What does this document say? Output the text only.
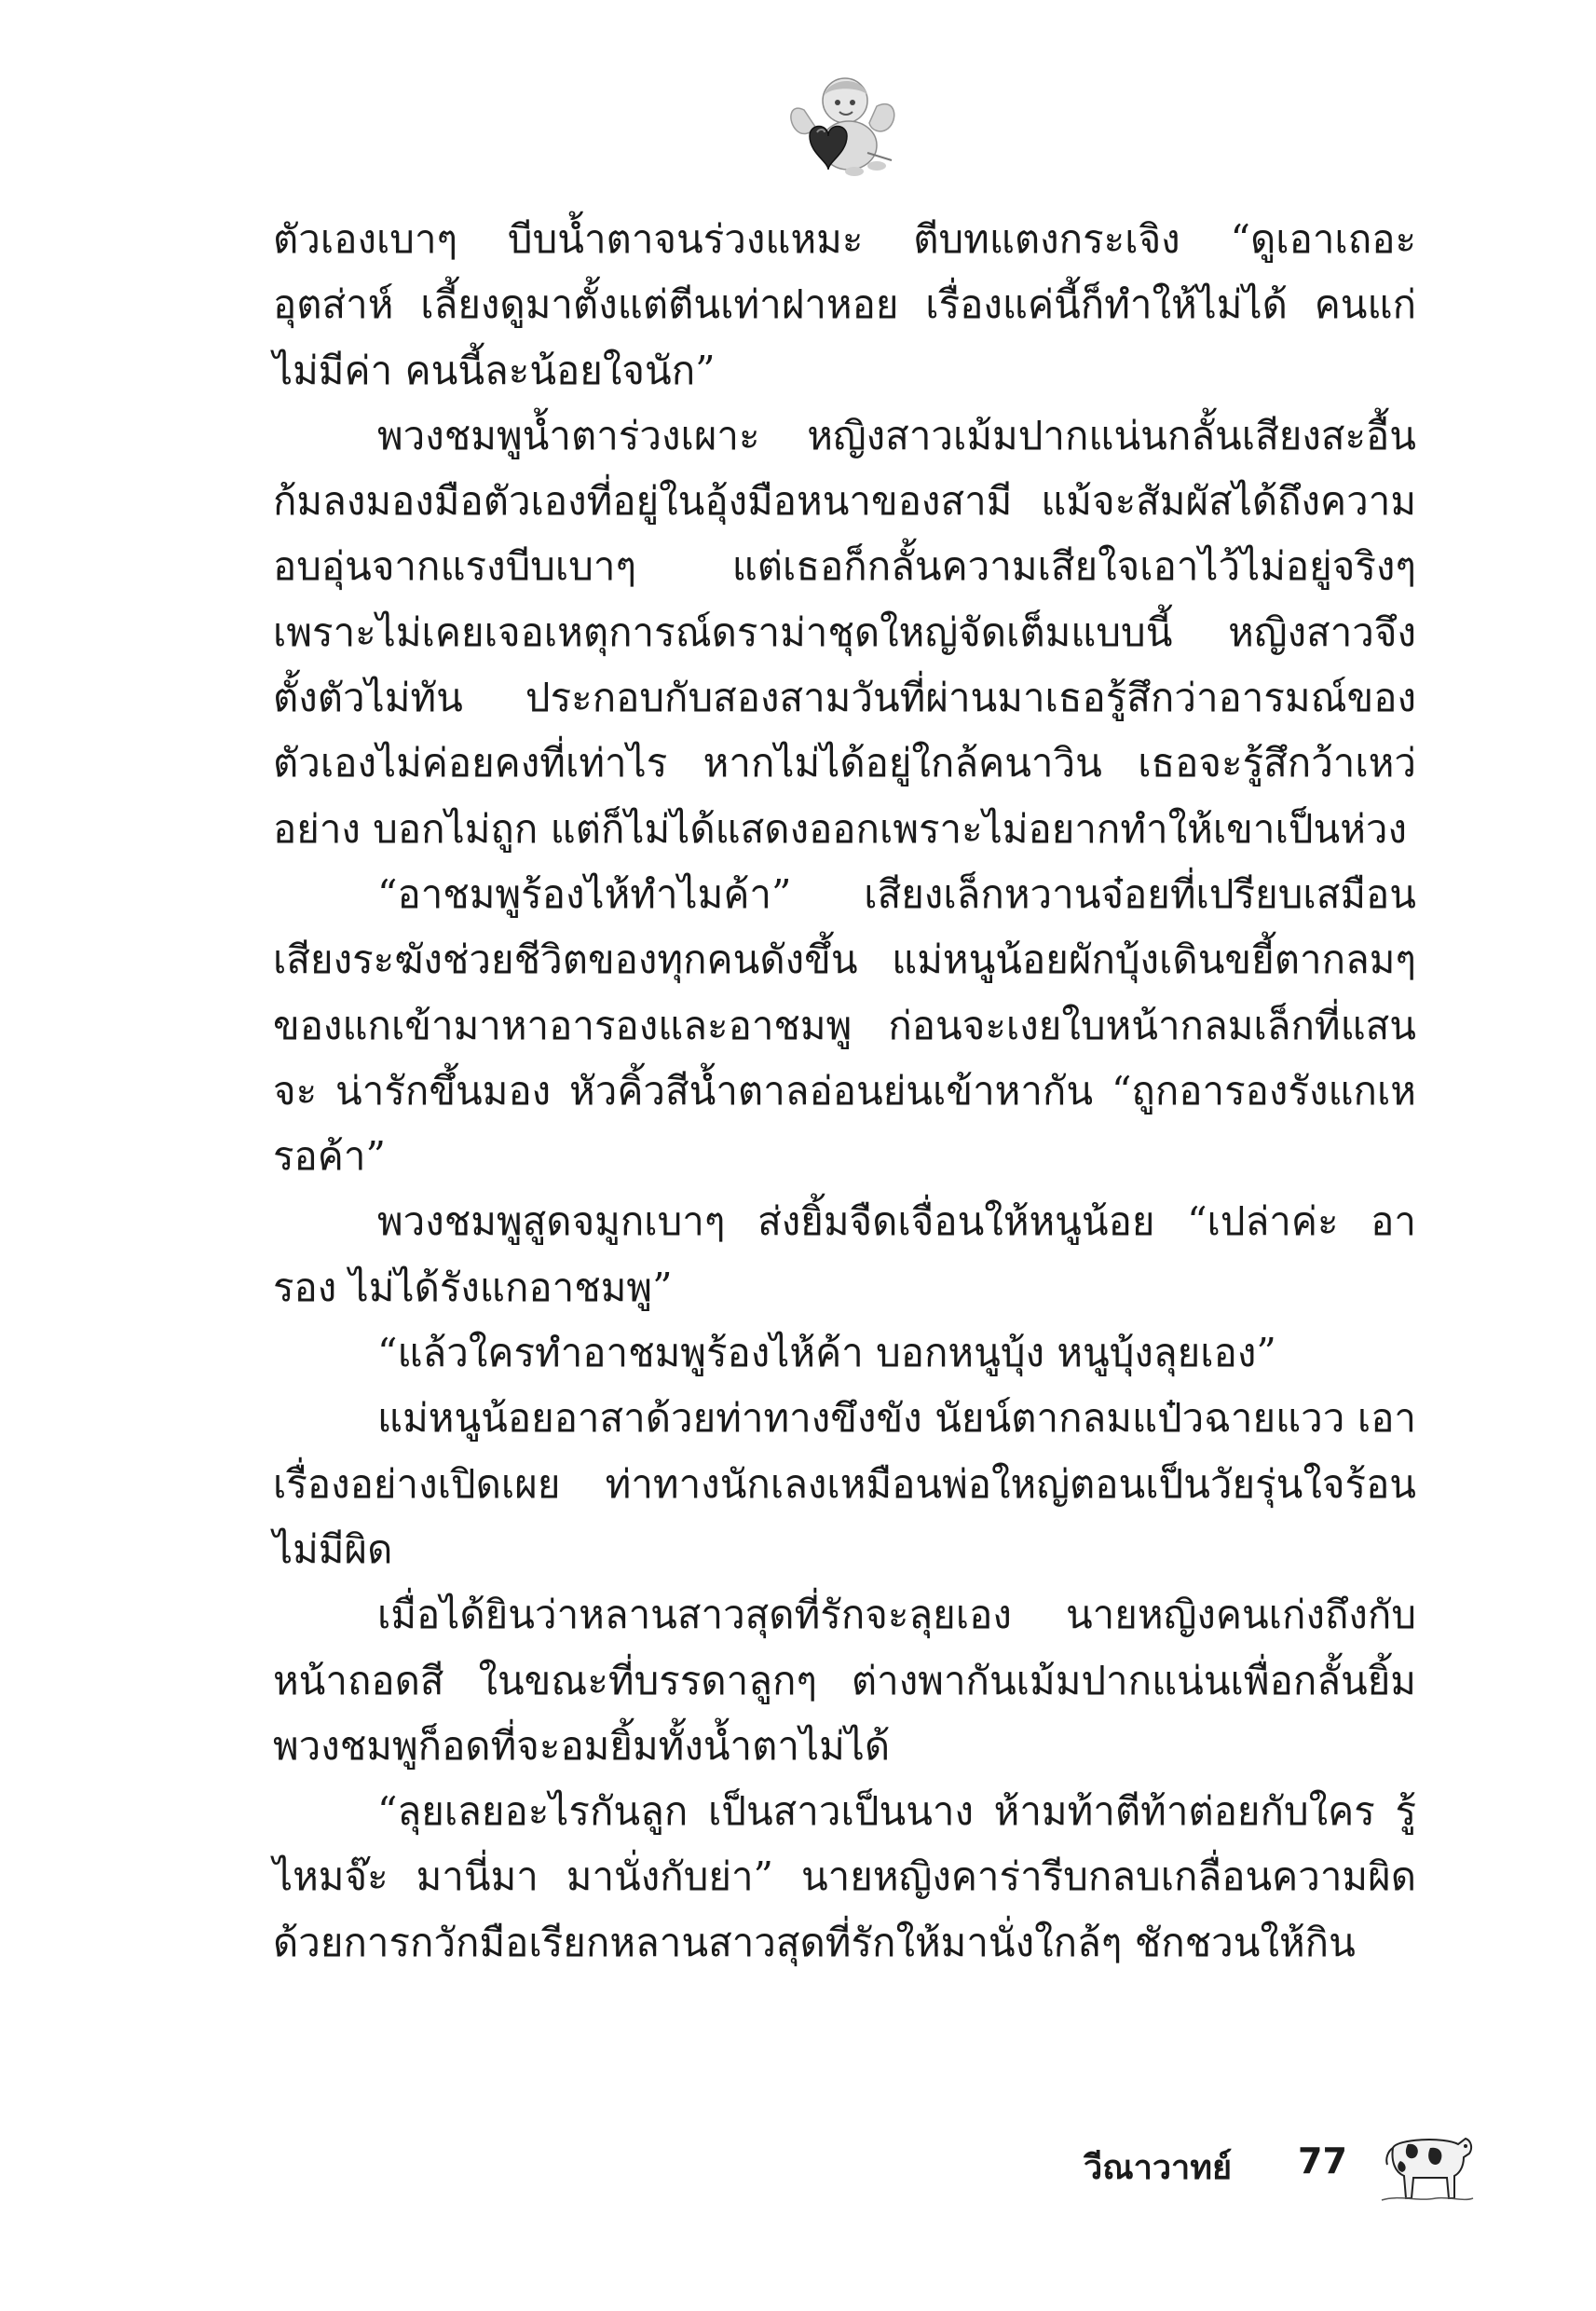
ตัวเองเบาๆ บีบน้ำตาจนร่วงแหมะ ตีบทแตงกระเจิง “ดูเอาเถอะ อุตส่าห์ เลี้ยงดูมาตั้งแต่ตีนเท่าฝาหอย เรื่องแค่นี้ก็ทำให้ไม่ได้ คนแก่ไม่มีค่า คนนี้ละน้อยใจนัก”

พวงชมพูน้ำตาร่วงเผาะ หญิงสาวเม้มปากแน่นกลั้นเสียงสะอื้น ก้มลงมองมือตัวเองที่อยู่ในอุ้งมือหนาของสามี แม้จะสัมผัสได้ถึงความ อบอุ่นจากแรงบีบเบาๆ แต่เธอก็กลั้นความเสียใจเอาไว้ไม่อยู่จริงๆ เพราะไม่เคยเจอเหตุการณ์ดราม่าชุดใหญ่จัดเต็มแบบนี้ หญิงสาวจึง ตั้งตัวไม่ทัน ประกอบกับสองสามวันที่ผ่านมาเธอรู้สึกว่าอารมณ์ของ ตัวเองไม่ค่อยคงที่เท่าไร หากไม่ได้อยู่ใกล้คนาวิน เธอจะรู้สึกว้าเหว่อย่าง บอกไม่ถูก แต่ก็ไม่ได้แสดงออกเพราะไม่อยากทำให้เขาเป็นห่วง

“อาชมพูร้องไห้ทำไมค้า” เสียงเล็กหวานจ๋อยที่เปรียบเสมือน เสียงระฆังช่วยชีวิตของทุกคนดังขึ้น แม่หนูน้อยผักบุ้งเดินขยี้ตากลมๆ ของแกเข้ามาหาอารองและอาชมพู ก่อนจะเงยใบหน้ากลมเล็กที่แสนจะ น่ารักขึ้นมอง หัวคิ้วสีน้ำตาลอ่อนย่นเข้าหากัน “ถูกอารองรังแกเหรอค้า”

พวงชมพูสูดจมูกเบาๆ ส่งยิ้มจืดเจื่อนให้หนูน้อย “เปล่าค่ะ อารอง ไม่ได้รังแกอาชมพู”

“แล้วใครทำอาชมพูร้องไห้ค้า บอกหนูบุ้ง หนูบุ้งลุยเอง”

แม่หนูน้อยอาสาด้วยท่าทางขึงขัง นัยน์ตากลมแป๋วฉายแวว เอาเรื่องอย่างเปิดเผย ท่าทางนักเลงเหมือนพ่อใหญ่ตอนเป็นวัยรุ่นใจร้อน ไม่มีผิด

เมื่อได้ยินว่าหลานสาวสุดที่รักจะลุยเอง นายหญิงคนเก่งถึงกับ หน้าถอดสี ในขณะที่บรรดาลูกๆ ต่างพากันเม้มปากแน่นเพื่อกลั้นยิ้ม พวงชมพูก็อดที่จะอมยิ้มทั้งน้ำตาไม่ได้

“ลุยเลยอะไรกันลูก เป็นสาวเป็นนาง ห้ามท้าตีท้าต่อยกับใคร รู้ไหมจ๊ะ มานี่มา มานั่งกับย่า” นายหญิงคาร่ารีบกลบเกลื่อนความผิด ด้วยการกวักมือเรียกหลานสาวสุดที่รักให้มานั่งใกล้ๆ ชักชวนให้กิน

วีณาวาทย์ 77
